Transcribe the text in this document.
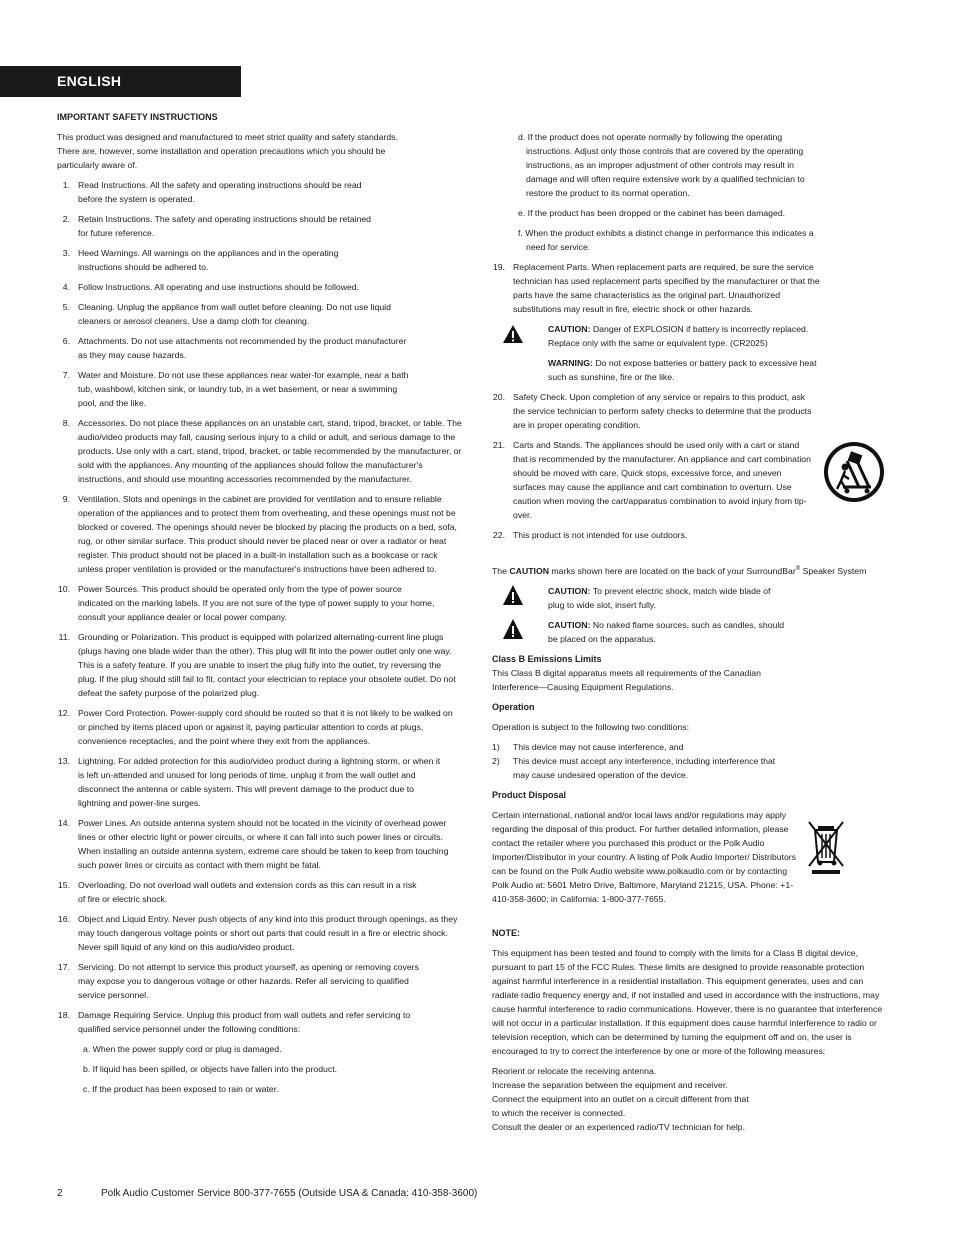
ENGLISH
IMPORTANT SAFETY INSTRUCTIONS

This product was designed and manufactured to meet strict quality and safety standards. There are, however, some installation and operation precautions which you should be particularly aware of.

1. Read Instructions. All the safety and operating instructions should be read before the system is operated.
2. Retain Instructions. The safety and operating instructions should be retained for future reference.
3. Heed Warnings. All warnings on the appliances and in the operating instructions should be adhered to.
4. Follow Instructions. All operating and use instructions should be followed.
5. Cleaning. Unplug the appliance from wall outlet before cleaning. Do not use liquid cleaners or aerosol cleaners. Use a damp cloth for cleaning.
6. Attachments. Do not use attachments not recommended by the product manufacturer as they may cause hazards.
7. Water and Moisture. Do not use these appliances near water-for example, near a bath tub, washbowl, kitchen sink, or laundry tub, in a wet basement, or near a swimming pool, and the like.
8. Accessories. Do not place these appliances on an unstable cart, stand, tripod, bracket, or table. The audio/video products may fall, causing serious injury to a child or adult, and serious damage to the products. Use only with a cart, stand, tripod, bracket, or table recommended by the manufacturer, or sold with the appliances. Any mounting of the appliances should follow the manufacturer's instructions, and should use mounting accessories recommended by the manufacturer.
9. Ventilation. Slots and openings in the cabinet are provided for ventilation and to ensure reliable operation of the appliances and to protect them from overheating, and these openings must not be blocked or covered. The openings should never be blocked by placing the products on a bed, sofa, rug, or other similar surface. This product should never be placed near or over a radiator or heat register. This product should not be placed in a built-in installation such as a bookcase or rack unless proper ventilation is provided or the manufacturer's instructions have been adhered to.
10. Power Sources. This product should be operated only from the type of power source indicated on the marking labels. If you are not sure of the type of power supply to your home, consult your appliance dealer or local power company.
11. Grounding or Polarization. This product is equipped with polarized alternating-current line plugs (plugs having one blade wider than the other). This plug will fit into the power outlet only one way. This is a safety feature. If you are unable to insert the plug fully into the outlet, try reversing the plug. If the plug should still fail to fit, contact your electrician to replace your obsolete outlet. Do not defeat the safety purpose of the polarized plug.
12. Power Cord Protection. Power-supply cord should be routed so that it is not likely to be walked on or pinched by items placed upon or against it, paying particular attention to cords at plugs, convenience receptacles, and the point where they exit from the appliances.
13. Lightning. For added protection for this audio/video product during a lightning storm, or when it is left un-attended and unused for long periods of time, unplug it from the wall outlet and disconnect the antenna or cable system. This will prevent damage to the product due to lightning and power-line surges.
14. Power Lines. An outside antenna system should not be located in the vicinity of overhead power lines or other electric light or power circuits, or where it can fall into such power lines or circuits. When installing an outside antenna system, extreme care should be taken to keep from touching such power lines or circuits as contact with them might be fatal.
15. Overloading. Do not overload wall outlets and extension cords as this can result in a risk of fire or electric shock.
16. Object and Liquid Entry. Never push objects of any kind into this product through openings, as they may touch dangerous voltage points or short out parts that could result in a fire or electric shock. Never spill liquid of any kind on this audio/video product.
17. Servicing. Do not attempt to service this product yourself, as opening or removing covers may expose you to dangerous voltage or other hazards. Refer all servicing to qualified service personnel.
18. Damage Requiring Service. Unplug this product from wall outlets and refer servicing to qualified service personnel under the following conditions:
a. When the power supply cord or plug is damaged.
b. If liquid has been spilled, or objects have fallen into the product.
c. If the product has been exposed to rain or water.
d. If the product does not operate normally by following the operating instructions. Adjust only those controls that are covered by the operating instructions, as an improper adjustment of other controls may result in damage and will often require extensive work by a qualified technician to restore the product to its normal operation.
e. If the product has been dropped or the cabinet has been damaged.
f. When the product exhibits a distinct change in performance this indicates a need for service.
19. Replacement Parts. When replacement parts are required, be sure the service technician has used replacement parts specified by the manufacturer or that the parts have the same characteristics as the original part. Unauthorized substitutions may result in fire, electric shock or other hazards.
CAUTION: Danger of EXPLOSION if battery is incorrectly replaced. Replace only with the same or equivalent type. (CR2025)
WARNING: Do not expose batteries or battery pack to excessive heat such as sunshine, fire or the like.
20. Safety Check. Upon completion of any service or repairs to this product, ask the service technician to perform safety checks to determine that the products are in proper operating condition.
21. Carts and Stands. The appliances should be used only with a cart or stand that is recommended by the manufacturer. An appliance and cart combination should be moved with care. Quick stops, excessive force, and uneven surfaces may cause the appliance and cart combination to overturn. Use caution when moving the cart/apparatus combination to avoid injury from tip-over.
22. This product is not intended for use outdoors.

The CAUTION marks shown here are located on the back of your SurroundBar® Speaker System

CAUTION: To prevent electric shock, match wide blade of plug to wide slot, insert fully.
CAUTION: No naked flame sources, such as candles, should be placed on the apparatus.
Class B Emissions Limits

This Class B digital apparatus meets all requirements of the Canadian Interference—Causing Equipment Regulations.

Operation

Operation is subject to the following two conditions:

1)	This device may not cause interference, and
2)	This device must accept any interference, including interference that may cause undesired operation of the device.
Product Disposal

Certain international, national and/or local laws and/or regulations may apply regarding the disposal of this product. For further detailed information, please contact the retailer where you purchased this product or the Polk Audio Importer/Distributor in your country. A listing of Polk Audio Importer/ Distributors can be found on the Polk Audio website www.polkaudio.com or by contacting Polk Audio at: 5601 Metro Drive, Baltimore, Maryland 21215, USA. Phone: +1-410-358-3600; in California: 1-800-377-7655.

NOTE:

This equipment has been tested and found to comply with the limits for a Class B digital device, pursuant to part 15 of the FCC Rules. These limits are designed to provide reasonable protection against harmful interference in a residential installation. This equipment generates, uses and can radiate radio frequency energy and, if not installed and used in accordance with the instructions, may cause harmful interference to radio communications. However, there is no guarantee that interference will not occur in a particular installation. If this equipment does cause harmful interference to radio or television reception, which can be determined by turning the equipment off and on, the user is encouraged to try to correct the interference by one or more of the following measures:

Reorient or relocate the receiving antenna.
Increase the separation between the equipment and receiver.
Connect the equipment into an outlet on a circuit different from that to which the receiver is connected.
Consult the dealer or an experienced radio/TV technician for help.
2	Polk Audio Customer Service 800-377-7655 (Outside USA & Canada: 410-358-3600)
